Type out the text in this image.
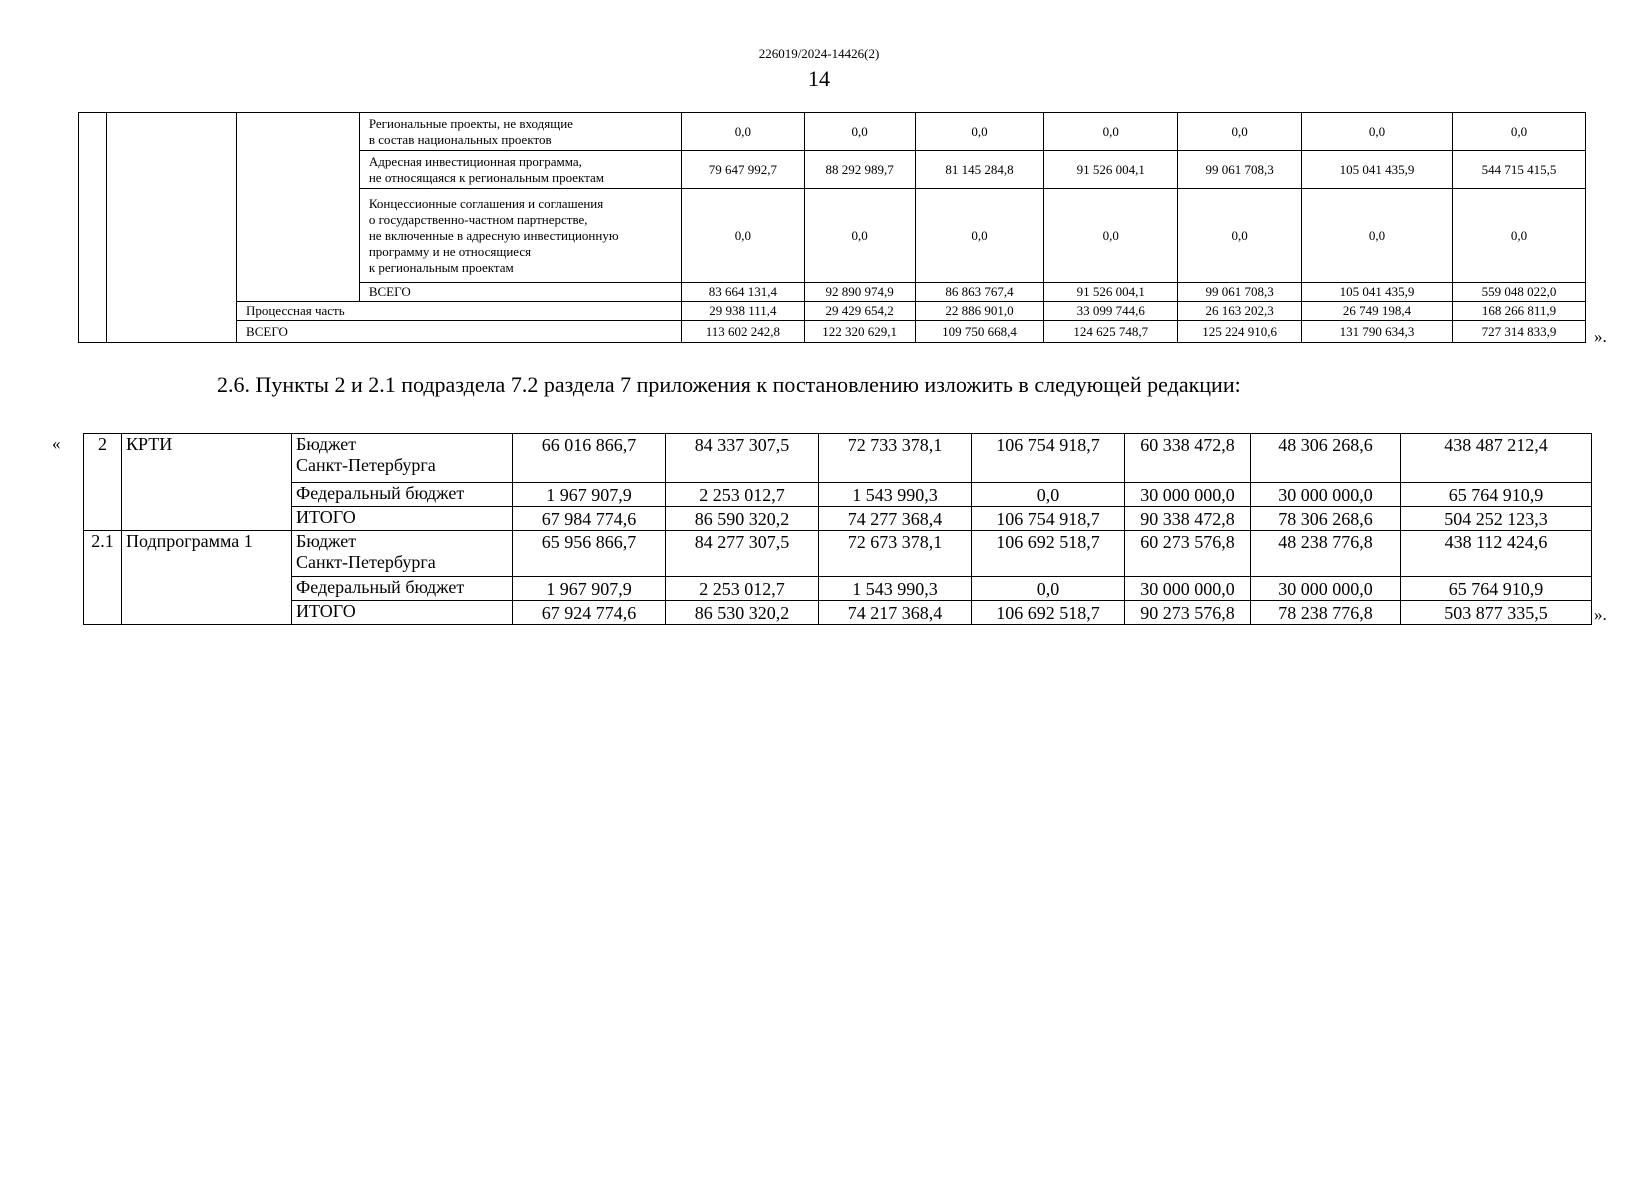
226019/2024-14426(2)
14
			Региональные проекты, не входящие
в состав национальных проектов	0,0	0,0	0,0	0,0	0,0	0,0	0,0
			Адресная инвестиционная программа,
не относящаяся к региональным проектам	79 647 992,7	88 292 989,7	81 145 284,8	91 526 004,1	99 061 708,3	105 041 435,9	544 715 415,5
			Концессионные соглашения и соглашения
о государственно-частном партнерстве,
не включенные в адресную инвестиционную
программу и не относящиеся
к региональным проектам	0,0	0,0	0,0	0,0	0,0	0,0	0,0
			ВСЕГО	83 664 131,4	92 890 974,9	86 863 767,4	91 526 004,1	99 061 708,3	105 041 435,9	559 048 022,0
		Процессная часть		29 938 111,4	29 429 654,2	22 886 901,0	33 099 744,6	26 163 202,3	26 749 198,4	168 266 811,9
		ВСЕГО		113 602 242,8	122 320 629,1	109 750 668,4	124 625 748,7	125 224 910,6	131 790 634,3	727 314 833,9 ».
2.6. Пункты 2 и 2.1 подраздела 7.2 раздела 7 приложения к постановлению изложить в следующей редакции:
« 2	КРТИ	Бюджет
Санкт-Петербурга	66 016 866,7	84 337 307,5	72 733 378,1	106 754 918,7	60 338 472,8	48 306 268,6	438 487 212,4
		Федеральный бюджет	1 967 907,9	2 253 012,7	1 543 990,3	0,0	30 000 000,0	30 000 000,0	65 764 910,9
		ИТОГО	67 984 774,6	86 590 320,2	74 277 368,4	106 754 918,7	90 338 472,8	78 306 268,6	504 252 123,3
2.1	Подпрограмма 1	Бюджет
Санкт-Петербурга	65 956 866,7	84 277 307,5	72 673 378,1	106 692 518,7	60 273 576,8	48 238 776,8	438 112 424,6
		Федеральный бюджет	1 967 907,9	2 253 012,7	1 543 990,3	0,0	30 000 000,0	30 000 000,0	65 764 910,9
		ИТОГО	67 924 774,6	86 530 320,2	74 217 368,4	106 692 518,7	90 273 576,8	78 238 776,8	503 877 335,5	».
